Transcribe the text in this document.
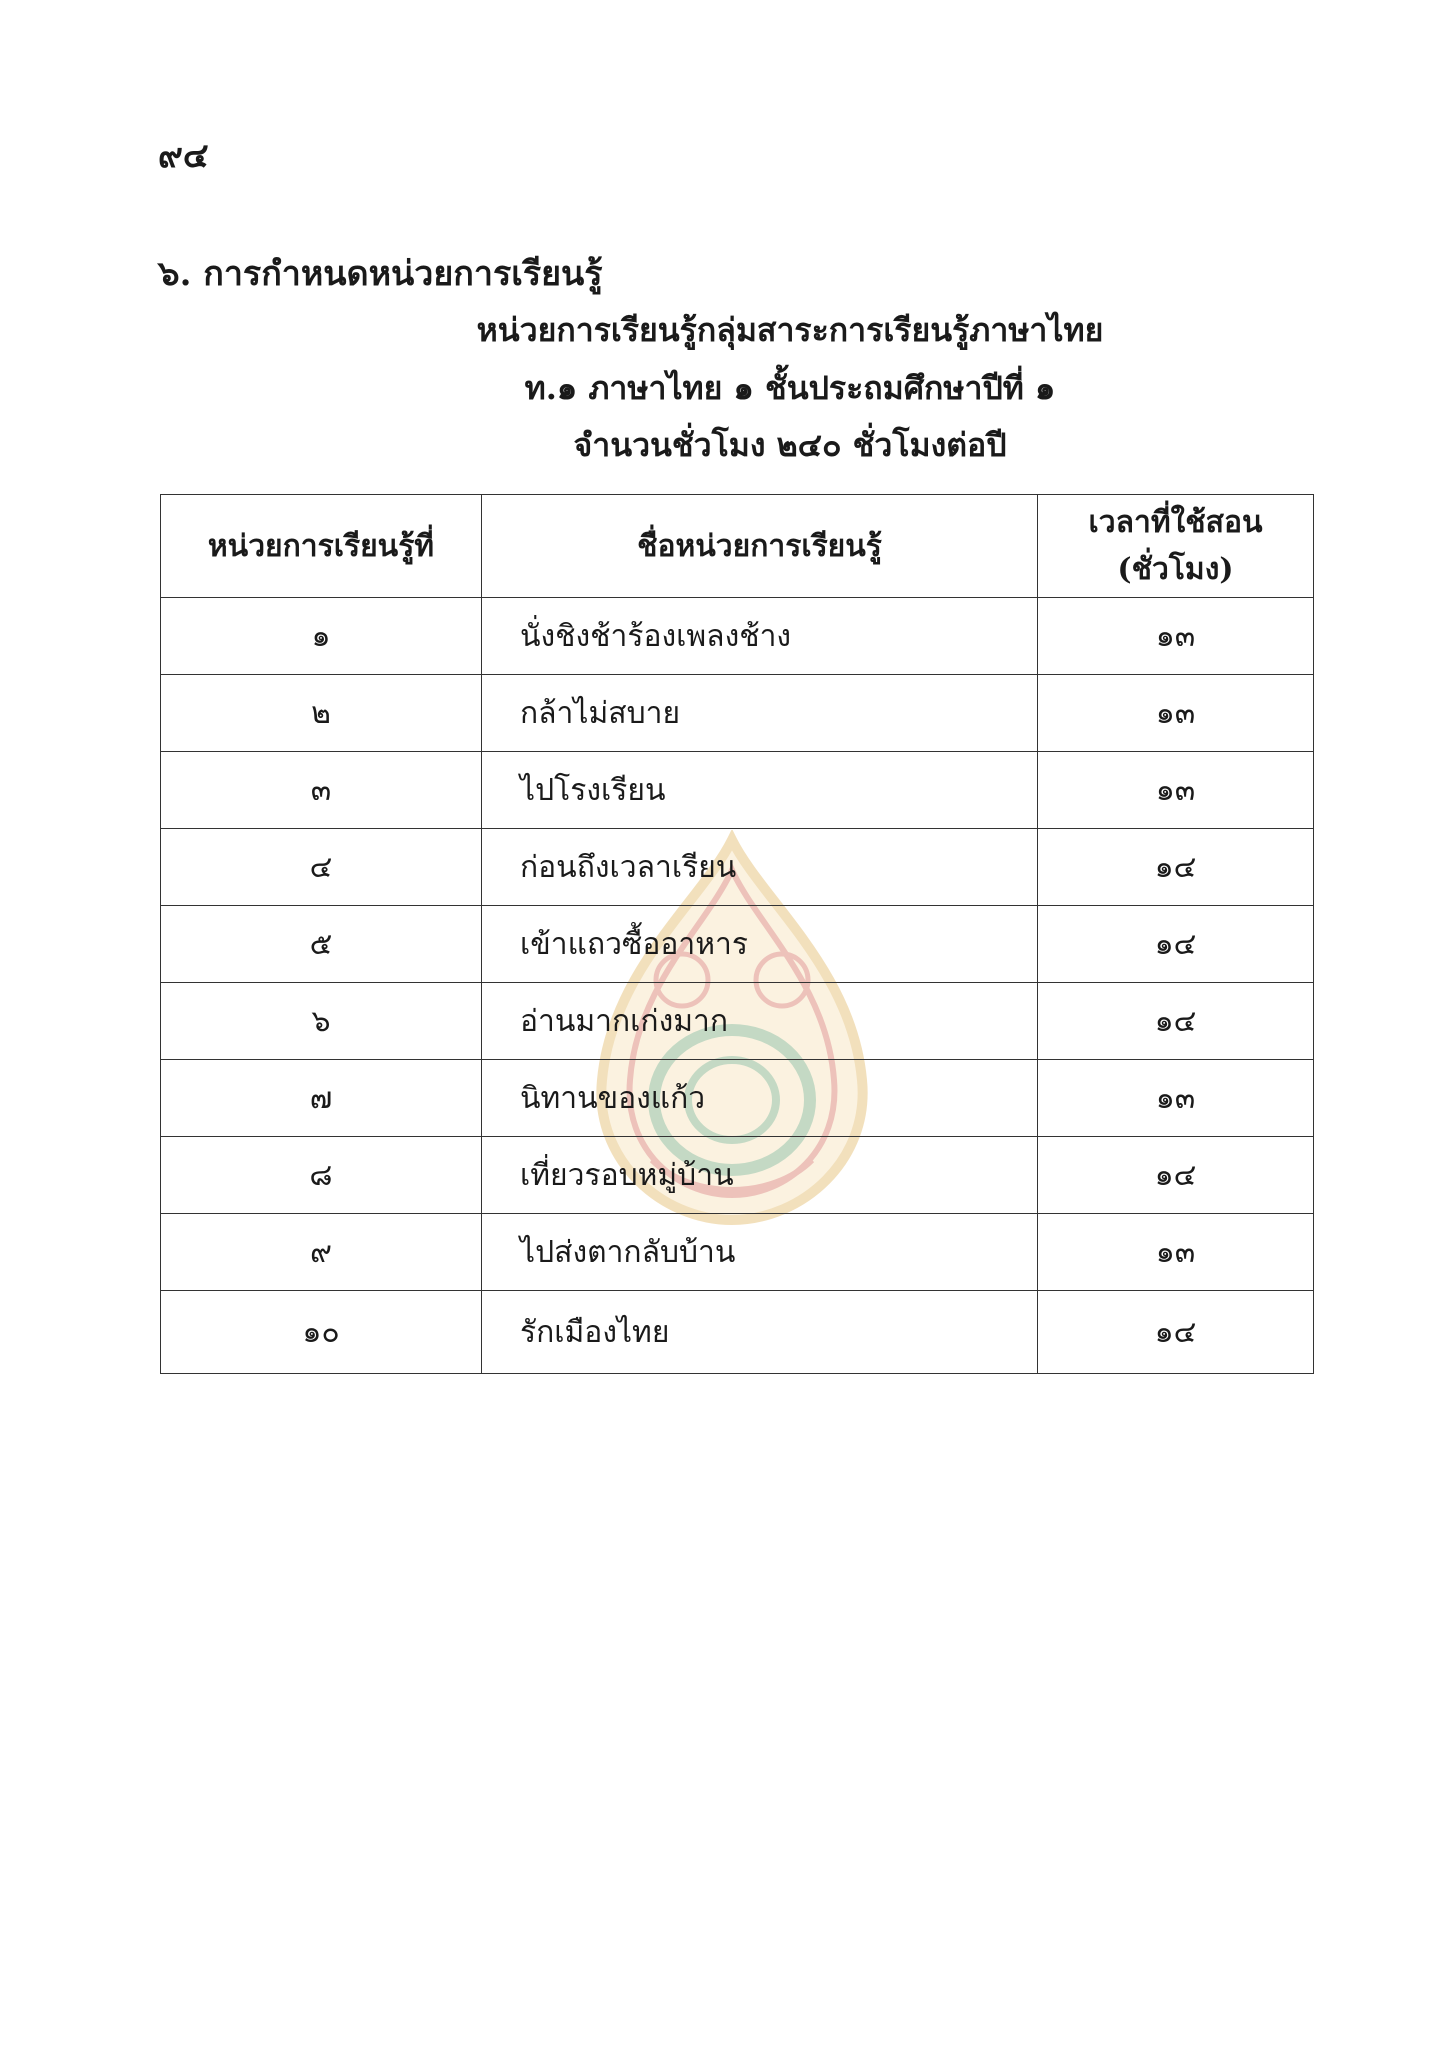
๙๔
๖. การกำหนดหน่วยการเรียนรู้
หน่วยการเรียนรู้กลุ่มสาระการเรียนรู้ภาษาไทย
ท.๑ ภาษาไทย ๑ ชั้นประถมศึกษาปีที่ ๑
จำนวนชั่วโมง ๒๔๐ ชั่วโมงต่อปี
หน่วยการเรียนรู้ที่	ชื่อหน่วยการเรียนรู้	เวลาที่ใช้สอน (ชั่วโมง)
๑	นั่งชิงช้าร้องเพลงช้าง	๑๓
๒	กล้าไม่สบาย	๑๓
๓	ไปโรงเรียน	๑๓
๔	ก่อนถึงเวลาเรียน	๑๔
๕	เข้าแถวซื้ออาหาร	๑๔
๖	อ่านมากเก่งมาก	๑๔
๗	นิทานของแก้ว	๑๓
๘	เที่ยวรอบหมู่บ้าน	๑๔
๙	ไปส่งตากลับบ้าน	๑๓
๑๐	รักเมืองไทย	๑๔
